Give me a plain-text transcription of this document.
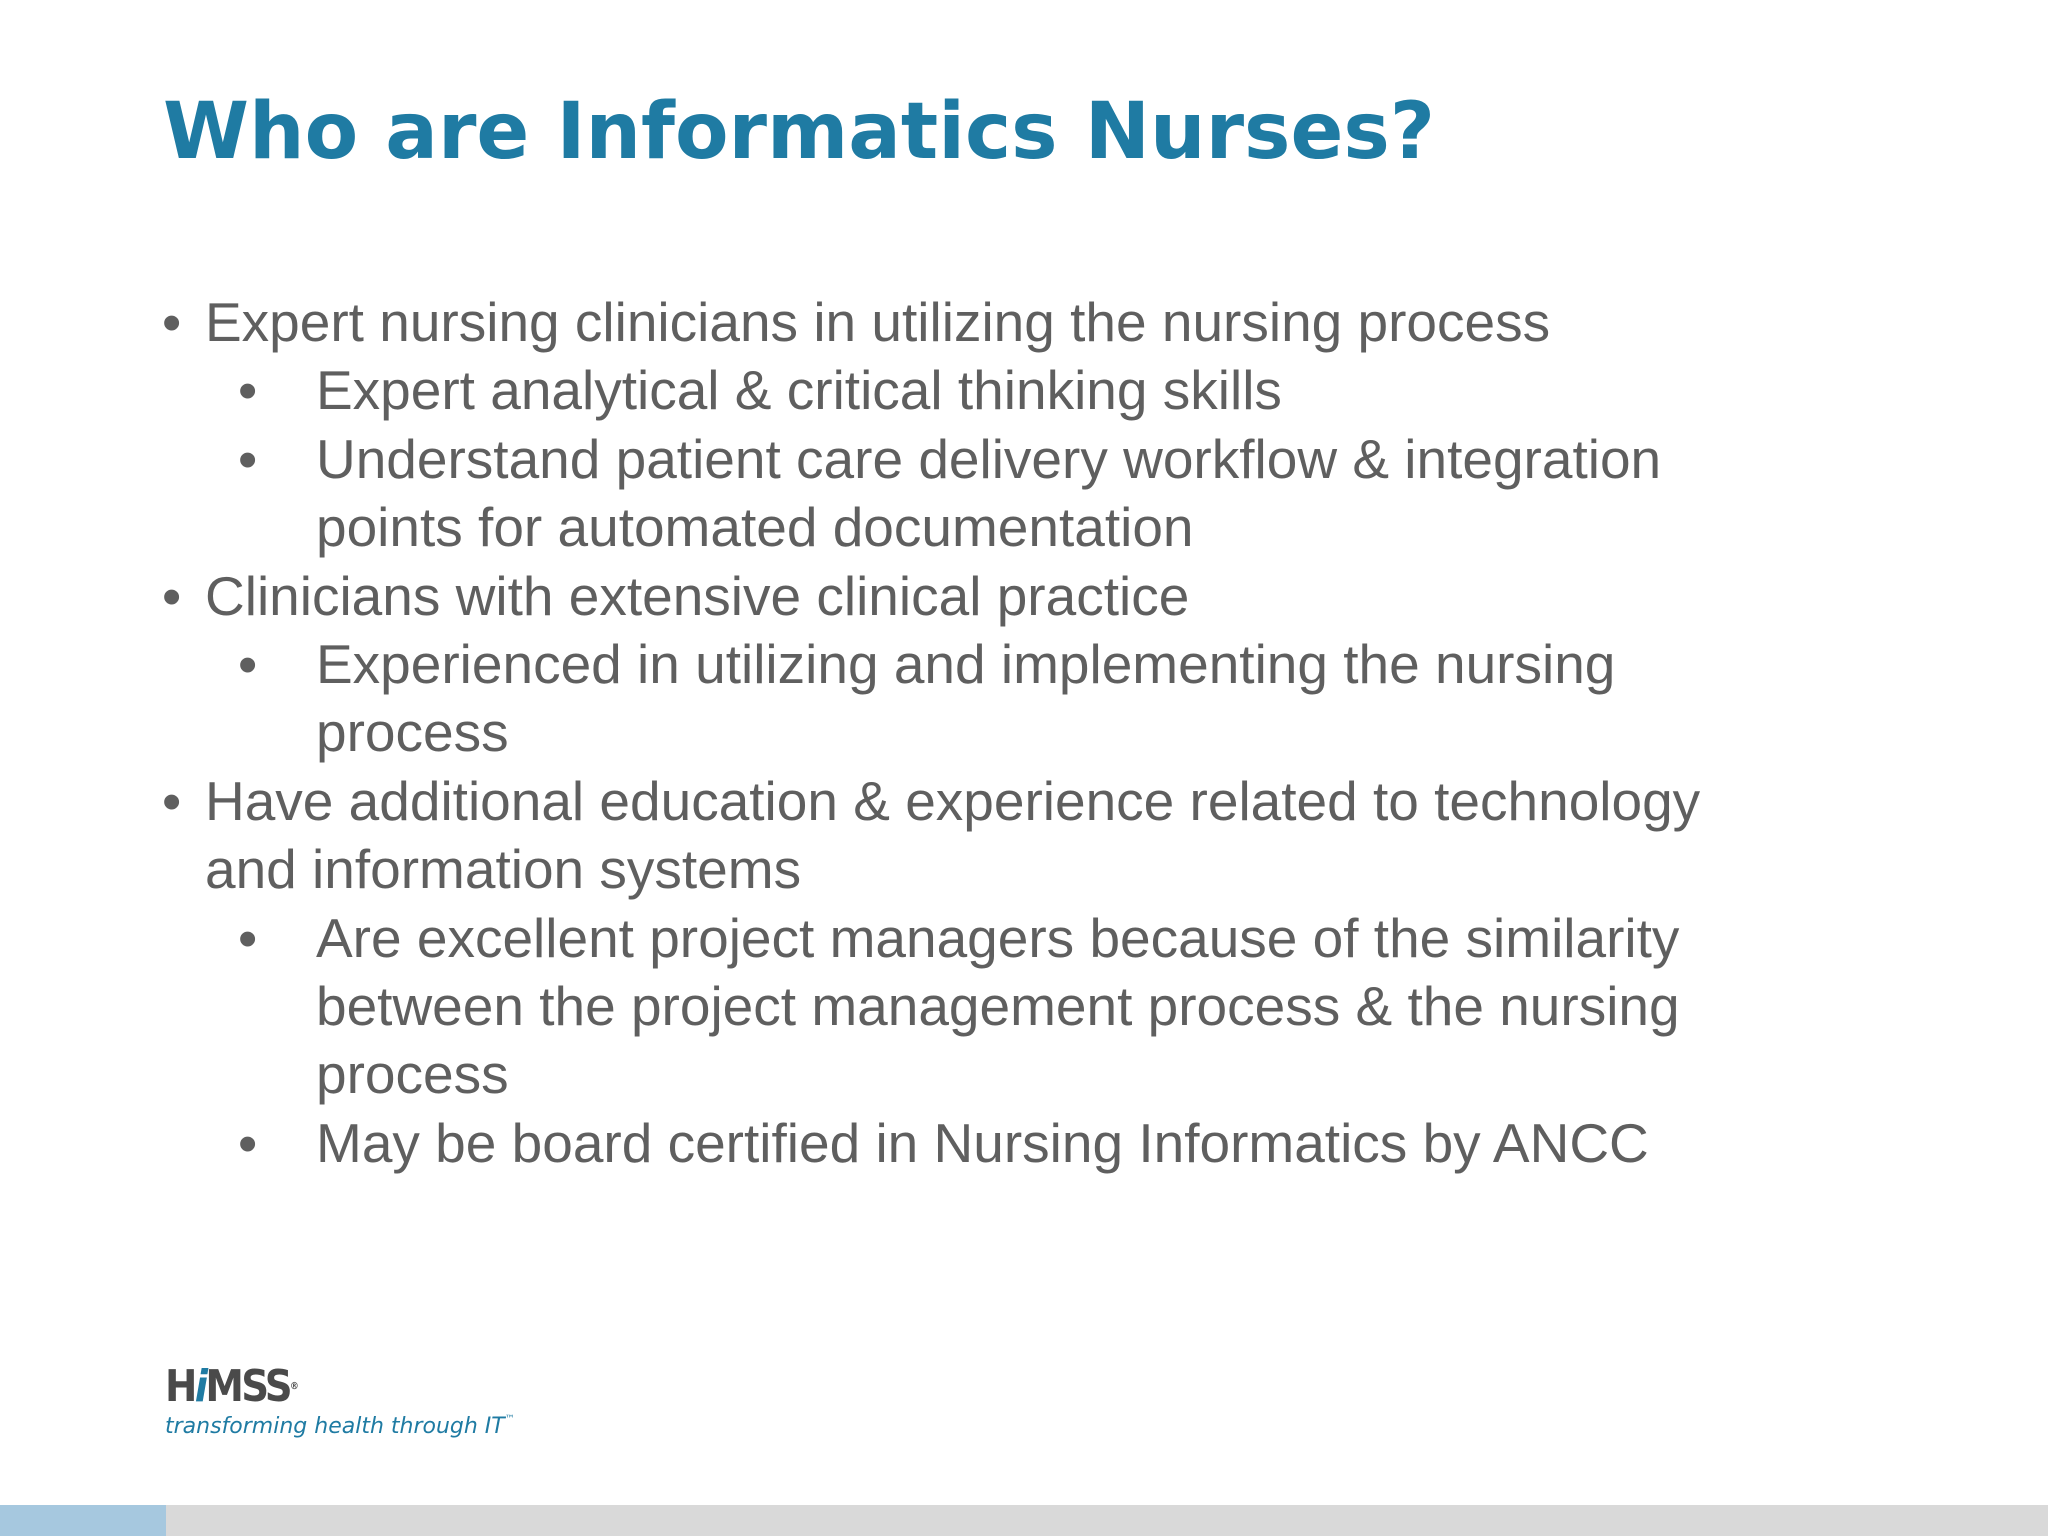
Who are Informatics Nurses?
• Expert nursing clinicians in utilizing the nursing process
• Expert analytical & critical thinking skills
• Understand patient care delivery workflow & integration points for automated documentation
• Clinicians with extensive clinical practice
• Experienced in utilizing and implementing the nursing process
• Have additional education & experience related to technology and information systems
• Are excellent project managers because of the similarity between the project management process & the nursing process
• May be board certified in Nursing Informatics by ANCC
HiMSS®
transforming health through IT™
